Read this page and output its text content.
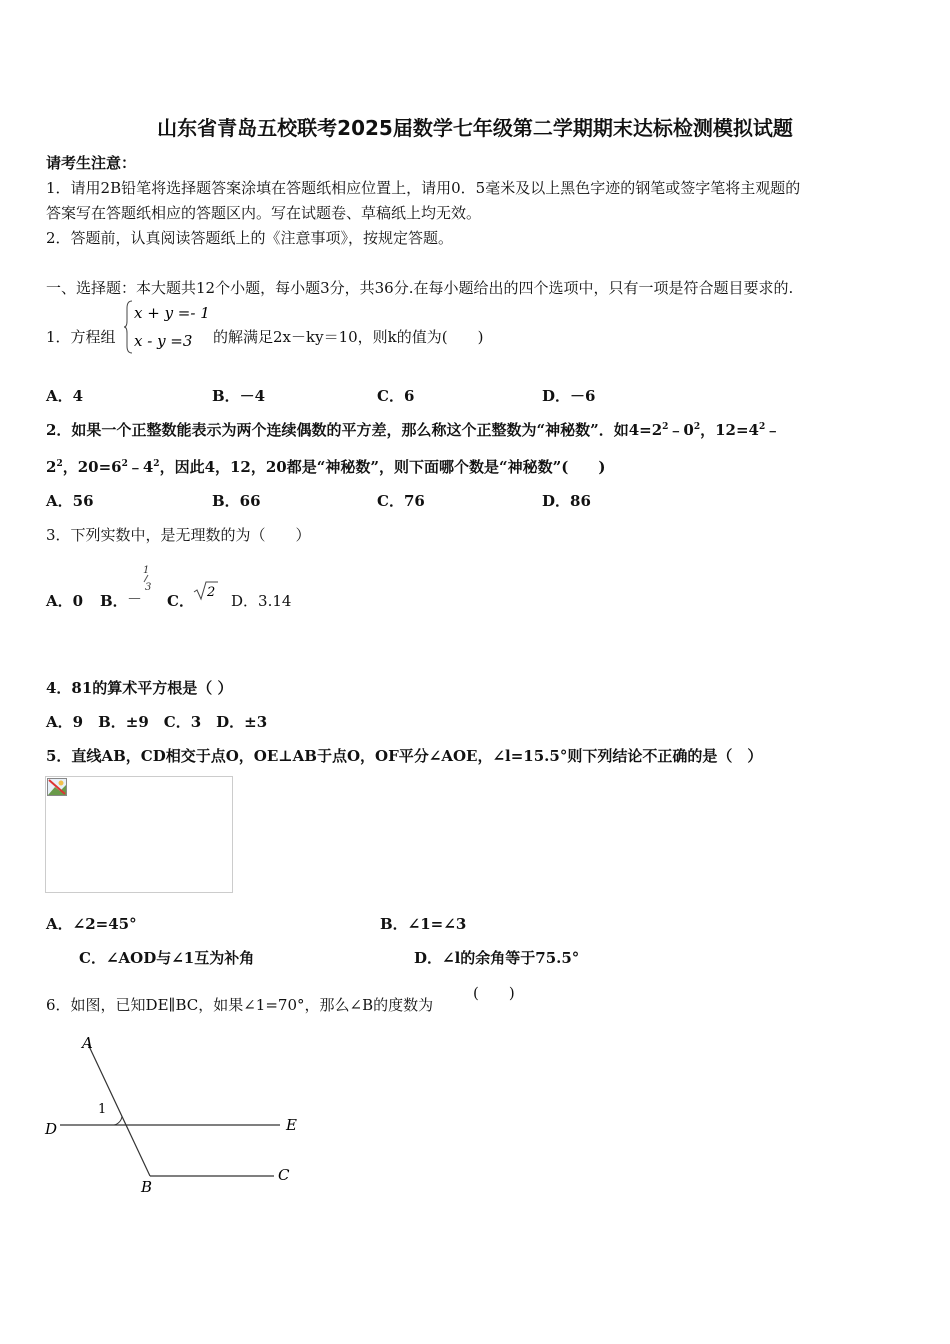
山东省青岛五校联考2025届数学七年级第二学期期末达标检测模拟试题
请考生注意：
1．请用2B铅笔将选择题答案涂填在答题纸相应位置上，请用0．5毫米及以上黑色字迹的钢笔或签字笔将主观题的
答案写在答题纸相应的答题区内。写在试题卷、草稿纸上均无效。
2．答题前，认真阅读答题纸上的《注意事项》，按规定答题。
一、选择题：本大题共12个小题，每小题3分，共36分.在每小题给出的四个选项中，只有一项是符合题目要求的.
1．方程组
x + y =- 1
x - y =3 的解满足2x－ky＝10，则k的值为(　　)
A．4	B．－4	C．6	D．－6
2．如果一个正整数能表示为两个连续偶数的平方差，那么称这个正整数为“神秘数”．如$4=2^2﹣0^2$，$12=4^2﹣$
$2^2$，$20=6^2﹣4^2$，因此4，12，20都是“神秘数”，则下面哪个数是“神秘数”(　　)
A．56	B．66	C．76	D．86
3．下列实数中，是无理数的为（　　）
A．0 B． －
1
3
C． 2 D．3.14
4．81的算术平方根是（ ）
A．9　B．±9　C．3　D．±3
5．直线AB，CD相交于点O，OE⊥AB于点O，OF平分∠AOE，∠l=15.5°则下列结论不正确的是（　）
A．∠2=45°	B．∠1=∠3
C．∠AOD与∠1互为补角	D．∠l的余角等于75.5°
6．如图，已知DE∥BC，如果∠1=70°，那么∠B的度数为
(　　)
A
D	E
B
C
1
